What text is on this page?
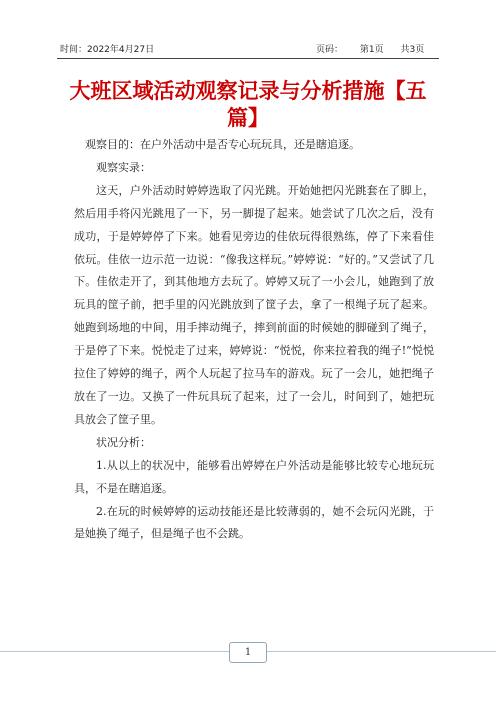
时间：2022年4月27日	页码： 第1页 共3页
大班区域活动观察记录与分析措施【五篇】

观察目的：在户外活动中是否专心玩玩具，还是瞎追逐。

观察实录：

这天，户外活动时婷婷选取了闪光跳。开始她把闪光跳套在了脚上，然后用手将闪光跳甩了一下，另一脚提了起来。她尝试了几次之后，没有成功，于是婷婷停了下来。她看见旁边的佳依玩得很熟练，停了下来看佳依玩。佳依一边示范一边说：“像我这样玩。”婷婷说：“好的。”又尝试了几下。佳依走开了，到其他地方去玩了。婷婷又玩了一小会儿，她跑到了放玩具的筐子前，把手里的闪光跳放到了筐子去，拿了一根绳子玩了起来。她跑到场地的中间，用手摔动绳子，摔到前面的时候她的脚碰到了绳子，于是停了下来。悦悦走了过来，婷婷说：“悦悦，你来拉着我的绳子!”悦悦拉住了婷婷的绳子，两个人玩起了拉马车的游戏。玩了一会儿，她把绳子放在了一边。又换了一件玩具玩了起来，过了一会儿，时间到了，她把玩具放会了筐子里。

状况分析：

1.从以上的状况中，能够看出婷婷在户外活动是能够比较专心地玩玩具，不是在瞎追逐。

2.在玩的时候婷婷的运动技能还是比较薄弱的，她不会玩闪光跳，于是她换了绳子，但是绳子也不会跳。

1
